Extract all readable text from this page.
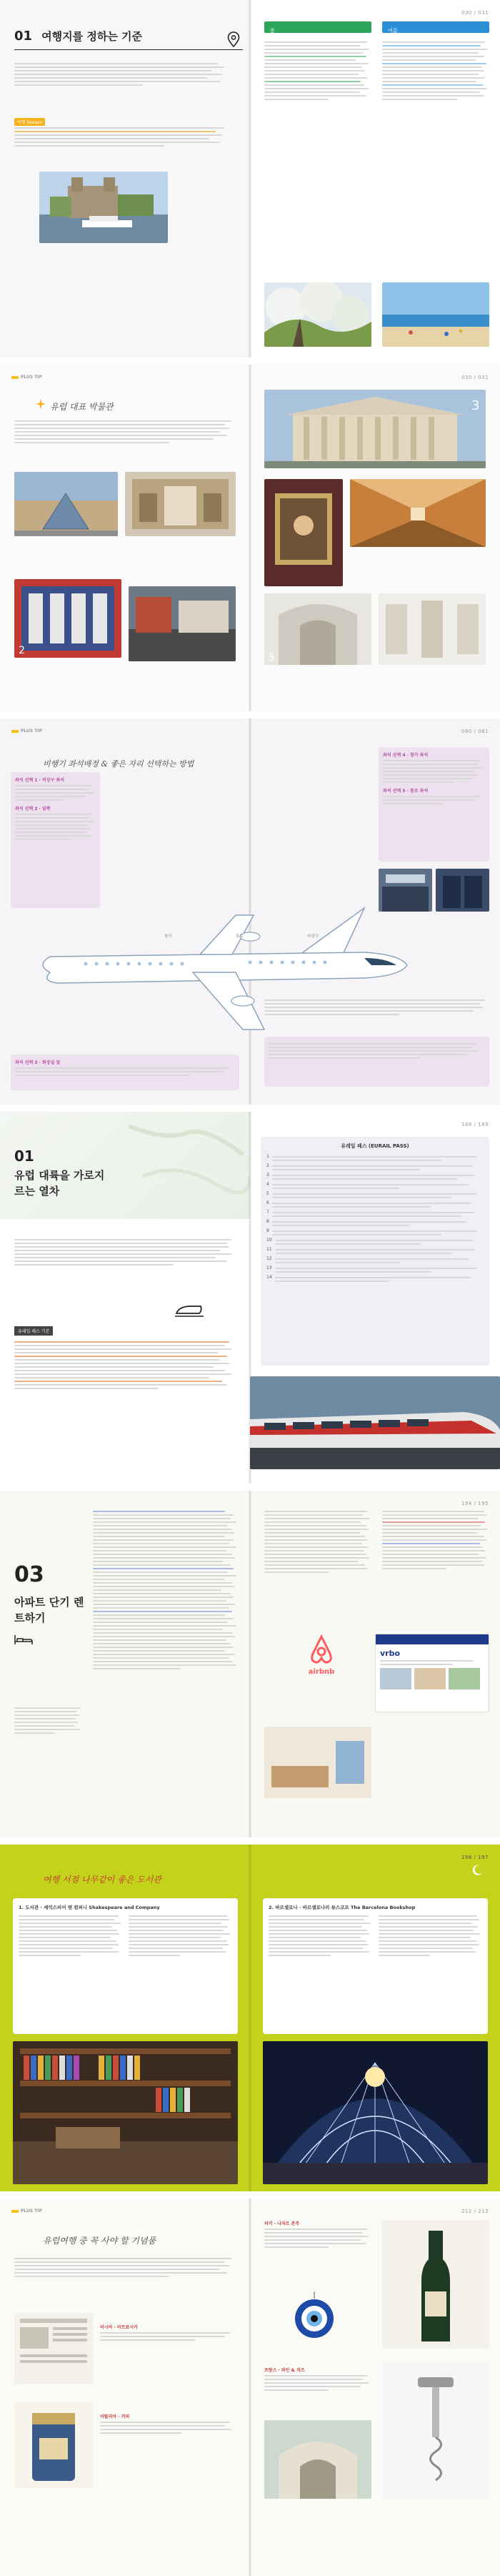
01 여행지를 정하는 기준
여행 Season
030 / 031
봄	여름
PLUS TIP
유럽 대표 박물관
2
030 / 031
3
5
PLUS TIP
비행기 좌석배정 & 좋은 자리 선택하는 방법
좌석 선택 1 · 비상구 좌석
좌석 선택 2 · 앞쪽
좌석 선택 3 · 화장실 앞
080 / 081
좌석 선택 4 · 창가 좌석
좌석 선택 5 · 통로 좌석
창가	통로	비상구
01
유럽 대륙을 가로지르는 열차
유레일 패스 기본
188 / 189
유레일 패스 (EURAIL PASS)
1
2
3
4
5
6
7
8
9
10
11
12
13
14
03
아파트 단기 렌트하기
194 / 195
airbnb
vrbo
여행 서점 나무같이 좋은 도서관
1. 도서관 · 셰익스피어 앤 컴퍼니 Shakespeare and Company
196 / 197
2. 바르셀로나 · 바르셀로나의 뷰스코프 The Barcelona Bookshop
PLUS TIP
유럽여행 중 꼭 사야 할 기념품
러시아 · 마트료시카
이탈리아 · 커피
212 / 213
터키 · 나자르 본주
프랑스 · 와인 & 치즈
